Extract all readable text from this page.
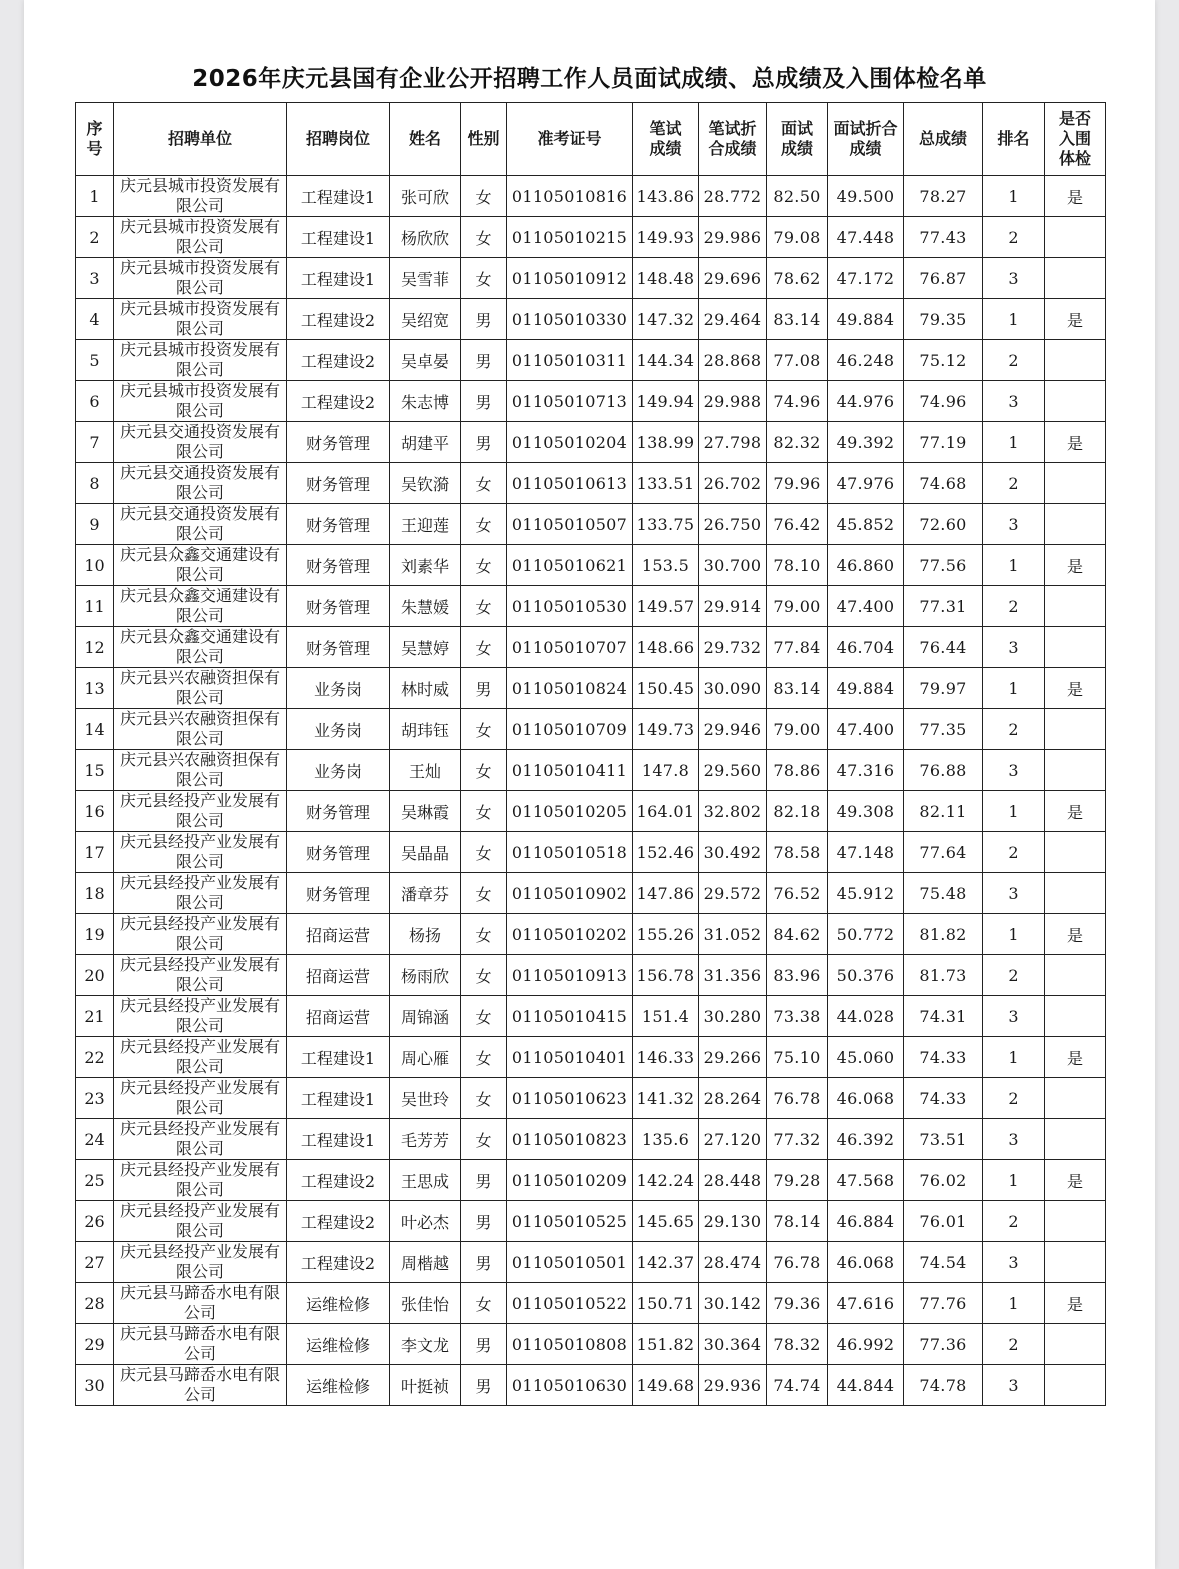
2026年庆元县国有企业公开招聘工作人员面试成绩、总成绩及入围体检名单
序号	招聘单位	招聘岗位	姓名	性别	准考证号	笔试成绩	笔试折合成绩	面试成绩	面试折合成绩	总成绩	排名	是否入围体检

1	庆元县城市投资发展有限公司	工程建设1	张可欣	女	01105010816	143.86	28.772	82.50	49.500	78.27	1	是
2	庆元县城市投资发展有限公司	工程建设1	杨欣欣	女	01105010215	149.93	29.986	79.08	47.448	77.43	2	
3	庆元县城市投资发展有限公司	工程建设1	吴雪菲	女	01105010912	148.48	29.696	78.62	47.172	76.87	3	
4	庆元县城市投资发展有限公司	工程建设2	吴绍宽	男	01105010330	147.32	29.464	83.14	49.884	79.35	1	是
5	庆元县城市投资发展有限公司	工程建设2	吴卓晏	男	01105010311	144.34	28.868	77.08	46.248	75.12	2	
6	庆元县城市投资发展有限公司	工程建设2	朱志博	男	01105010713	149.94	29.988	74.96	44.976	74.96	3	
7	庆元县交通投资发展有限公司	财务管理	胡建平	男	01105010204	138.99	27.798	82.32	49.392	77.19	1	是
8	庆元县交通投资发展有限公司	财务管理	吴钦漪	女	01105010613	133.51	26.702	79.96	47.976	74.68	2	
9	庆元县交通投资发展有限公司	财务管理	王迎莲	女	01105010507	133.75	26.750	76.42	45.852	72.60	3	
10	庆元县众鑫交通建设有限公司	财务管理	刘素华	女	01105010621	153.5	30.700	78.10	46.860	77.56	1	是
11	庆元县众鑫交通建设有限公司	财务管理	朱慧媛	女	01105010530	149.57	29.914	79.00	47.400	77.31	2	
12	庆元县众鑫交通建设有限公司	财务管理	吴慧婷	女	01105010707	148.66	29.732	77.84	46.704	76.44	3	
13	庆元县兴农融资担保有限公司	业务岗	林时威	男	01105010824	150.45	30.090	83.14	49.884	79.97	1	是
14	庆元县兴农融资担保有限公司	业务岗	胡玮钰	女	01105010709	149.73	29.946	79.00	47.400	77.35	2	
15	庆元县兴农融资担保有限公司	业务岗	王灿	女	01105010411	147.8	29.560	78.86	47.316	76.88	3	
16	庆元县经投产业发展有限公司	财务管理	吴琳霞	女	01105010205	164.01	32.802	82.18	49.308	82.11	1	是
17	庆元县经投产业发展有限公司	财务管理	吴晶晶	女	01105010518	152.46	30.492	78.58	47.148	77.64	2	
18	庆元县经投产业发展有限公司	财务管理	潘章芬	女	01105010902	147.86	29.572	76.52	45.912	75.48	3	
19	庆元县经投产业发展有限公司	招商运营	杨扬	女	01105010202	155.26	31.052	84.62	50.772	81.82	1	是
20	庆元县经投产业发展有限公司	招商运营	杨雨欣	女	01105010913	156.78	31.356	83.96	50.376	81.73	2	
21	庆元县经投产业发展有限公司	招商运营	周锦涵	女	01105010415	151.4	30.280	73.38	44.028	74.31	3	
22	庆元县经投产业发展有限公司	工程建设1	周心雁	女	01105010401	146.33	29.266	75.10	45.060	74.33	1	是
23	庆元县经投产业发展有限公司	工程建设1	吴世玲	女	01105010623	141.32	28.264	76.78	46.068	74.33	2	
24	庆元县经投产业发展有限公司	工程建设1	毛芳芳	女	01105010823	135.6	27.120	77.32	46.392	73.51	3	
25	庆元县经投产业发展有限公司	工程建设2	王思成	男	01105010209	142.24	28.448	79.28	47.568	76.02	1	是
26	庆元县经投产业发展有限公司	工程建设2	叶必杰	男	01105010525	145.65	29.130	78.14	46.884	76.01	2	
27	庆元县经投产业发展有限公司	工程建设2	周楷越	男	01105010501	142.37	28.474	76.78	46.068	74.54	3	
28	庆元县马蹄岙水电有限公司	运维检修	张佳怡	女	01105010522	150.71	30.142	79.36	47.616	77.76	1	是
29	庆元县马蹄岙水电有限公司	运维检修	李文龙	男	01105010808	151.82	30.364	78.32	46.992	77.36	2	
30	庆元县马蹄岙水电有限公司	运维检修	叶挺祯	男	01105010630	149.68	29.936	74.74	44.844	74.78	3	
